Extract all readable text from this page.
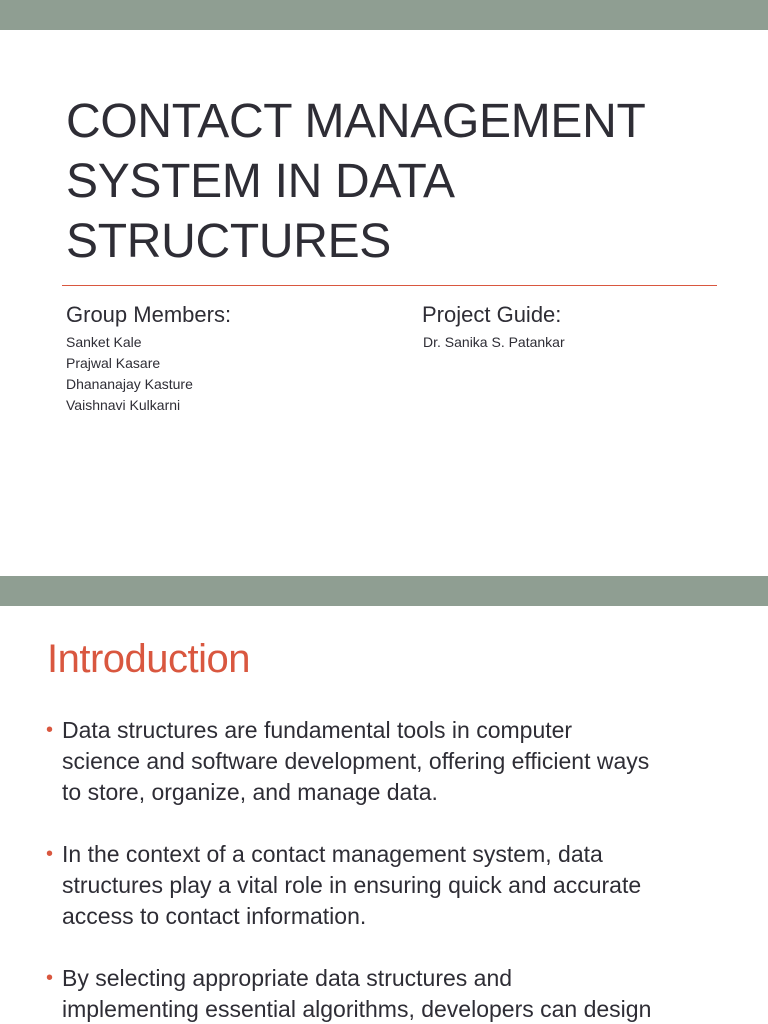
CONTACT MANAGEMENT
SYSTEM IN DATA
STRUCTURES
Group Members:
Sanket Kale
Prajwal Kasare
Dhananajay Kasture
Vaishnavi Kulkarni
Project Guide:
Dr. Sanika S. Patankar
Introduction
• Data structures are fundamental tools in computer
science and software development, offering efficient ways
to store, organize, and manage data.
• In the context of a contact management system, data
structures play a vital role in ensuring quick and accurate
access to contact information.
• By selecting appropriate data structures and
implementing essential algorithms, developers can design
